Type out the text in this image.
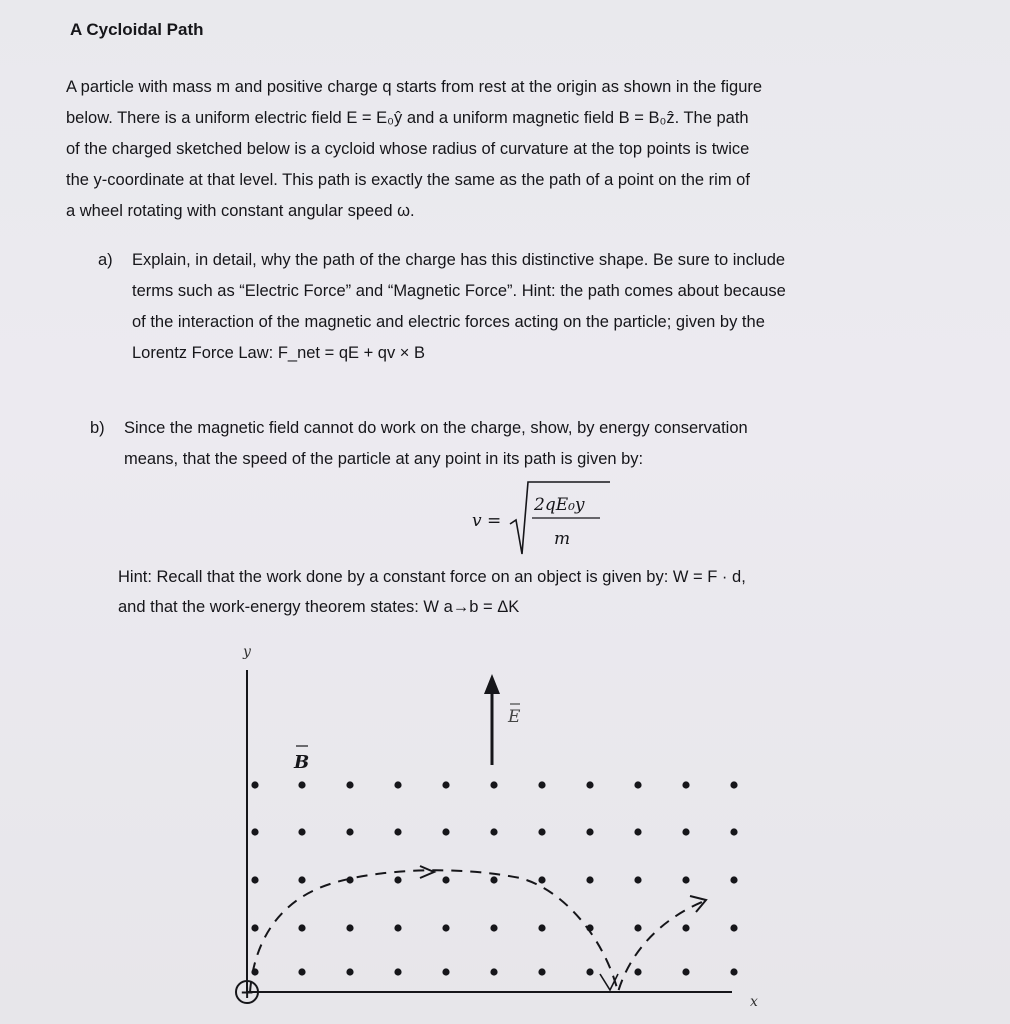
A Cycloidal Path
A particle with mass m and positive charge q starts from rest at the origin as shown in the figure
below. There is a uniform electric field E = E₀ŷ and a uniform magnetic field B = B₀ẑ. The path
of the charged sketched below is a cycloid whose radius of curvature at the top points is twice
the y-coordinate at that level. This path is exactly the same as the path of a point on the rim of
a wheel rotating with constant angular speed ω.
a) Explain, in detail, why the path of the charge has this distinctive shape. Be sure to include
terms such as “Electric Force” and “Magnetic Force”. Hint: the path comes about because
of the interaction of the magnetic and electric forces acting on the particle; given by the
Lorentz Force Law: F_net = qE + qv × B
b) Since the magnetic field cannot do work on the charge, show, by energy conservation
means, that the speed of the particle at any point in its path is given by:
v =
2qE₀y
m
Hint: Recall that the work done by a constant force on an object is given by: W = F · d,
and that the work-energy theorem states: W a→b = ΔK
y
x
E
B
+
